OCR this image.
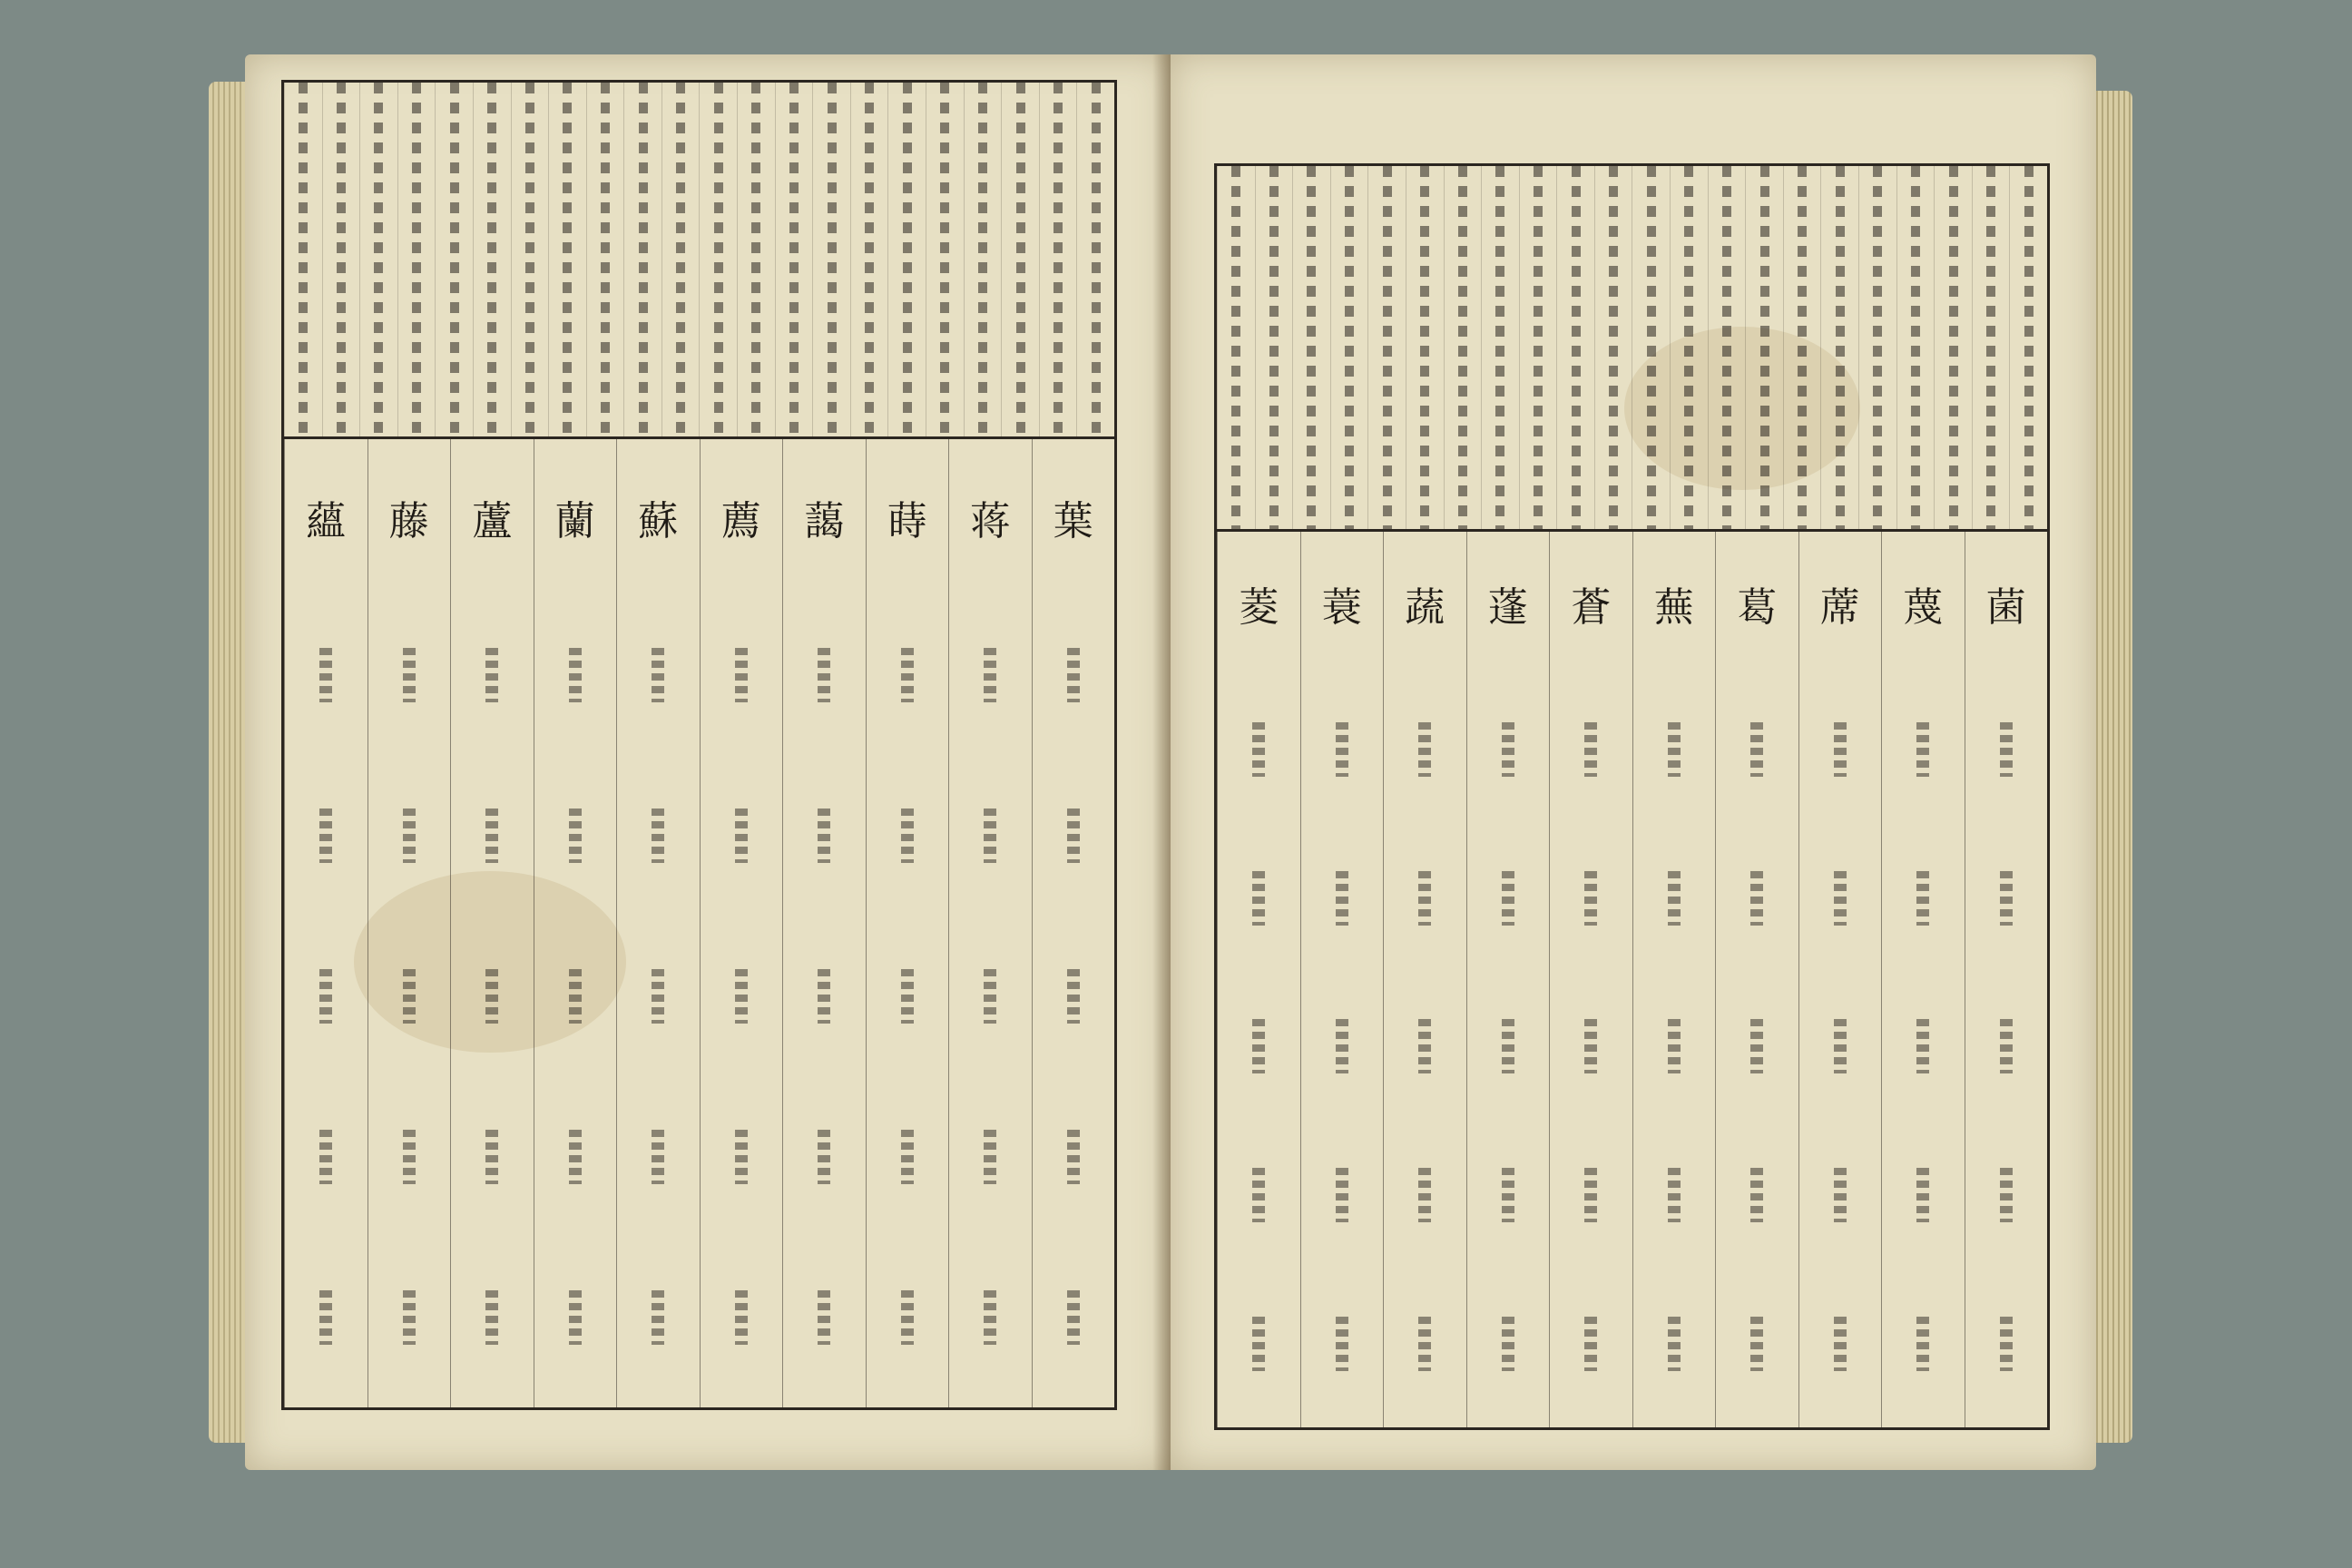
葉
蒋
蒔
藹
薦
蘇
蘭
蘆
藤
蘊
菌
蔑
蓆
葛
蕪
蒼
蓬
蔬
蓑
菱
